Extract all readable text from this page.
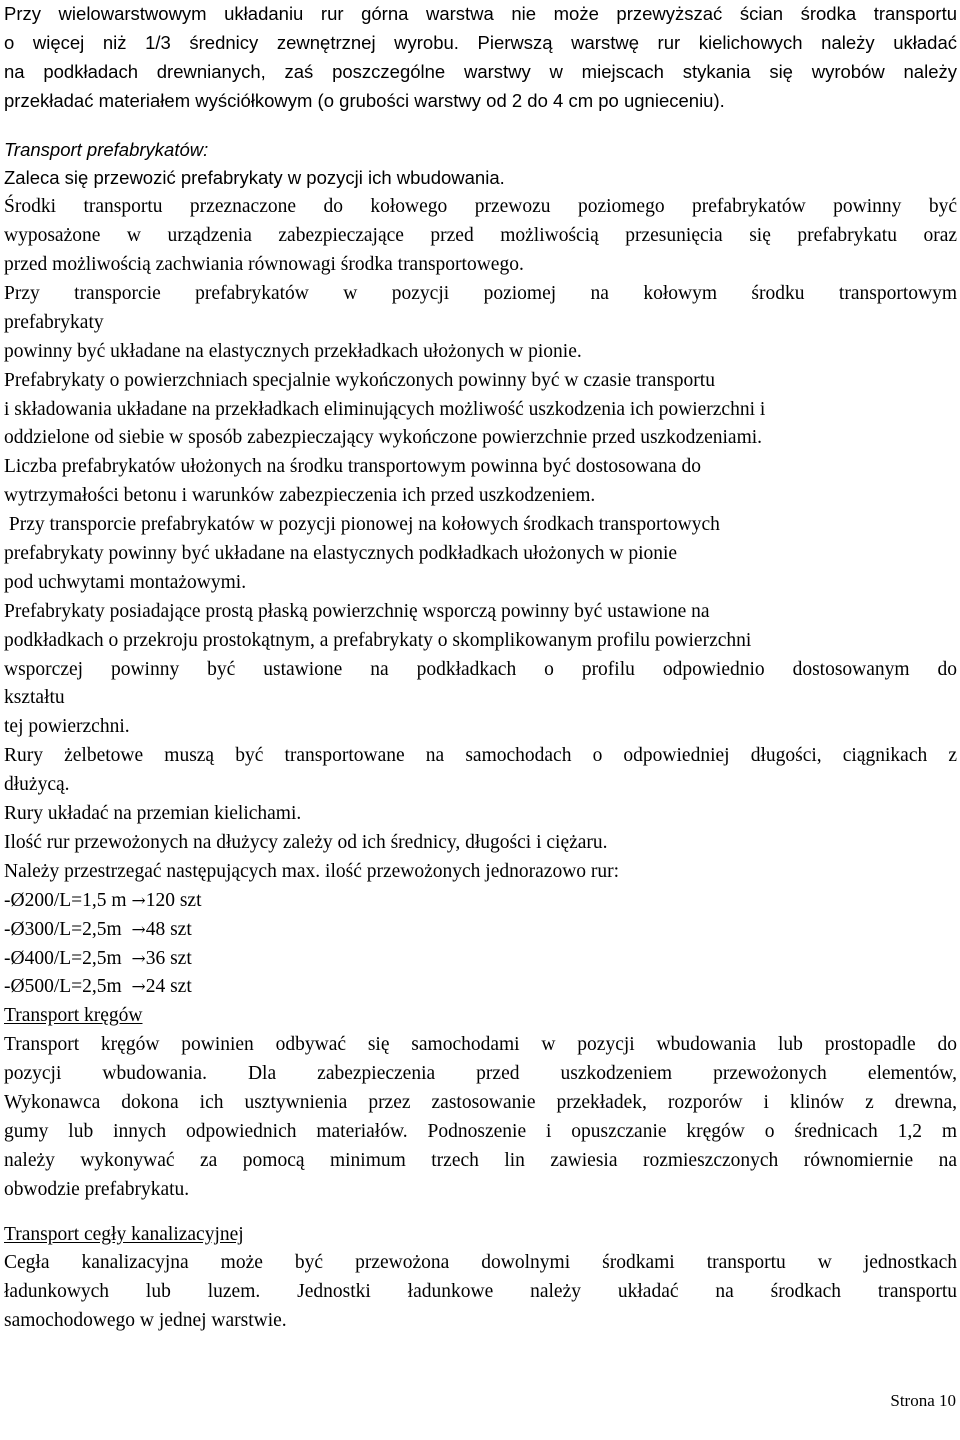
Przy wielowarstwowym układaniu rur górna warstwa nie może przewyższać ścian środka transportu
o więcej niż 1/3 średnicy zewnętrznej wyrobu. Pierwszą warstwę rur kielichowych należy układać
na podkładach drewnianych, zaś poszczególne warstwy w miejscach stykania się wyrobów należy
przekładać materiałem wyściółkowym (o grubości warstwy od 2 do 4 cm po ugnieceniu).
Transport prefabrykatów:
Zaleca się przewozić prefabrykaty w pozycji ich wbudowania.
Środki transportu przeznaczone do kołowego przewozu poziomego prefabrykatów powinny być
wyposażone w urządzenia zabezpieczające przed możliwością przesunięcia się prefabrykatu oraz
przed możliwością zachwiania równowagi środka transportowego.
Przy transporcie prefabrykatów w pozycji poziomej na kołowym środku transportowym
prefabrykaty
powinny być układane na elastycznych przekładkach ułożonych w pionie.
Prefabrykaty o powierzchniach specjalnie wykończonych powinny być w czasie transportu
i składowania układane na przekładkach eliminujących możliwość uszkodzenia ich powierzchni i
oddzielone od siebie w sposób zabezpieczający wykończone powierzchnie przed uszkodzeniami.
Liczba prefabrykatów ułożonych na środku transportowym powinna być dostosowana do
wytrzymałości betonu i warunków zabezpieczenia ich przed uszkodzeniem.
Przy transporcie prefabrykatów w pozycji pionowej na kołowych środkach transportowych
prefabrykaty powinny być układane na elastycznych podkładkach ułożonych w pionie
pod uchwytami montażowymi.
Prefabrykaty posiadające prostą płaską powierzchnię wsporczą powinny być ustawione na
podkładkach o przekroju prostokątnym, a prefabrykaty o skomplikowanym profilu powierzchni
wsporczej powinny być ustawione na podkładkach o profilu odpowiednio dostosowanym do
kształtu
tej powierzchni.
Rury żelbetowe muszą być transportowane na samochodach o odpowiedniej długości, ciągnikach z
dłużycą.
Rury układać na przemian kielichami.
Ilość rur przewożonych na dłużycy zależy od ich średnicy, długości i ciężaru.
Należy przestrzegać następujących max. ilość przewożonych jednorazowo rur:
-Ø200/L=1,5 m →120 szt
-Ø300/L=2,5m  →48 szt
-Ø400/L=2,5m  →36 szt
-Ø500/L=2,5m  →24 szt
Transport kręgów
Transport kręgów powinien odbywać się samochodami w pozycji wbudowania lub prostopadle do
pozycji wbudowania. Dla zabezpieczenia przed uszkodzeniem przewożonych elementów,
Wykonawca dokona ich usztywnienia przez zastosowanie przekładek, rozporów i klinów z drewna,
gumy lub innych odpowiednich materiałów. Podnoszenie i opuszczanie kręgów o średnicach 1,2 m
należy wykonywać za pomocą minimum trzech lin zawiesia rozmieszczonych równomiernie na
obwodzie prefabrykatu.
Transport cegły kanalizacyjnej
Cegła kanalizacyjna może być przewożona dowolnymi środkami transportu w jednostkach
ładunkowych lub luzem. Jednostki ładunkowe należy układać na środkach transportu
samochodowego w jednej warstwie.
Strona 10
